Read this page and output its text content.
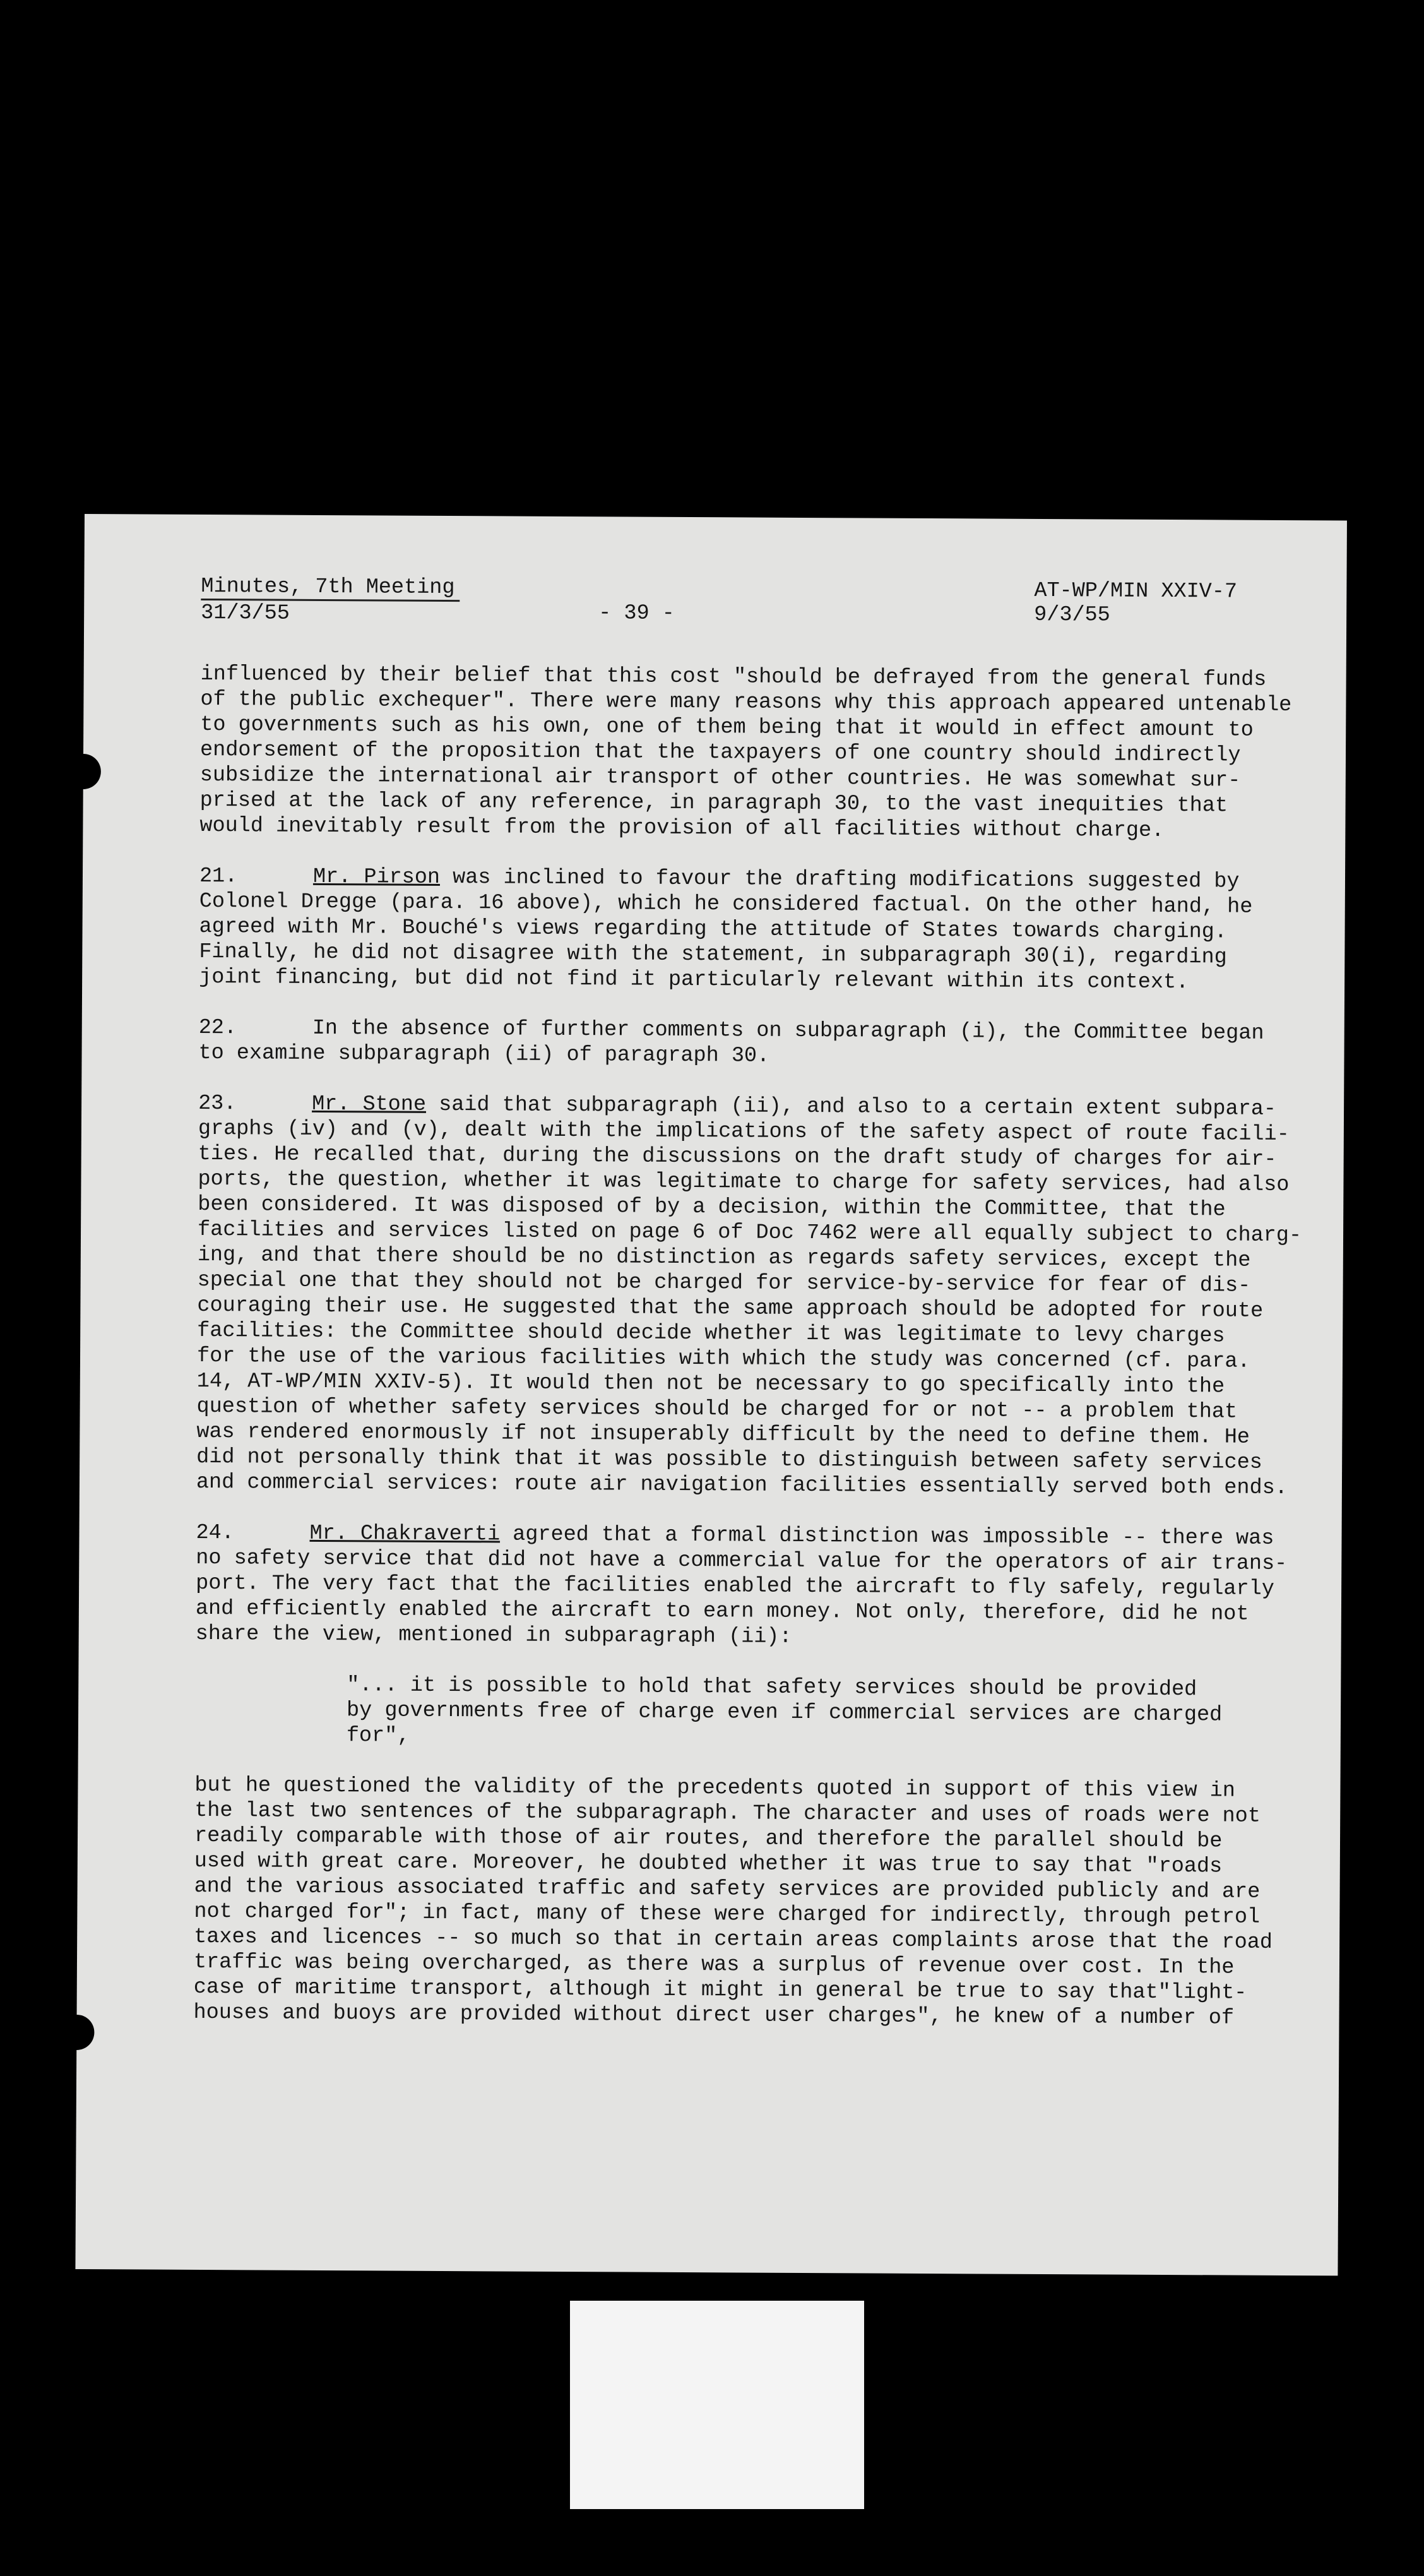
Minutes, 7th Meeting
31/3/55	- 39 -
AT-WP/MIN XXIV-7
9/3/55

influenced by their belief that this cost "should be defrayed from the general funds
of the public exchequer". There were many reasons why this approach appeared untenable
to governments such as his own, one of them being that it would in effect amount to
endorsement of the proposition that the taxpayers of one country should indirectly
subsidize the international air transport of other countries. He was somewhat sur-
prised at the lack of any reference, in paragraph 30, to the vast inequities that
would inevitably result from the provision of all facilities without charge.

21.	Mr. Pirson was inclined to favour the drafting modifications suggested by
Colonel Dregge (para. 16 above), which he considered factual. On the other hand, he
agreed with Mr. Bouché's views regarding the attitude of States towards charging.
Finally, he did not disagree with the statement, in subparagraph 30(i), regarding
joint financing, but did not find it particularly relevant within its context.

22.	In the absence of further comments on subparagraph (i), the Committee began
to examine subparagraph (ii) of paragraph 30.

23.	Mr. Stone said that subparagraph (ii), and also to a certain extent subpara-
graphs (iv) and (v), dealt with the implications of the safety aspect of route facili-
ties. He recalled that, during the discussions on the draft study of charges for air-
ports, the question, whether it was legitimate to charge for safety services, had also
been considered. It was disposed of by a decision, within the Committee, that the
facilities and services listed on page 6 of Doc 7462 were all equally subject to charg-
ing, and that there should be no distinction as regards safety services, except the
special one that they should not be charged for service-by-service for fear of dis-
couraging their use. He suggested that the same approach should be adopted for route
facilities: the Committee should decide whether it was legitimate to levy charges
for the use of the various facilities with which the study was concerned (cf. para.
14, AT-WP/MIN XXIV-5). It would then not be necessary to go specifically into the
question of whether safety services should be charged for or not -- a problem that
was rendered enormously if not insuperably difficult by the need to define them. He
did not personally think that it was possible to distinguish between safety services
and commercial services: route air navigation facilities essentially served both ends.

24.	Mr. Chakraverti agreed that a formal distinction was impossible -- there was
no safety service that did not have a commercial value for the operators of air trans-
port. The very fact that the facilities enabled the aircraft to fly safely, regularly
and efficiently enabled the aircraft to earn money. Not only, therefore, did he not
share the view, mentioned in subparagraph (ii):

"... it is possible to hold that safety services should be provided
by governments free of charge even if commercial services are charged
for",

but he questioned the validity of the precedents quoted in support of this view in
the last two sentences of the subparagraph. The character and uses of roads were not
readily comparable with those of air routes, and therefore the parallel should be
used with great care. Moreover, he doubted whether it was true to say that "roads
and the various associated traffic and safety services are provided publicly and are
not charged for"; in fact, many of these were charged for indirectly, through petrol
taxes and licences -- so much so that in certain areas complaints arose that the road
traffic was being overcharged, as there was a surplus of revenue over cost. In the
case of maritime transport, although it might in general be true to say that"light-
houses and buoys are provided without direct user charges", he knew of a number of
